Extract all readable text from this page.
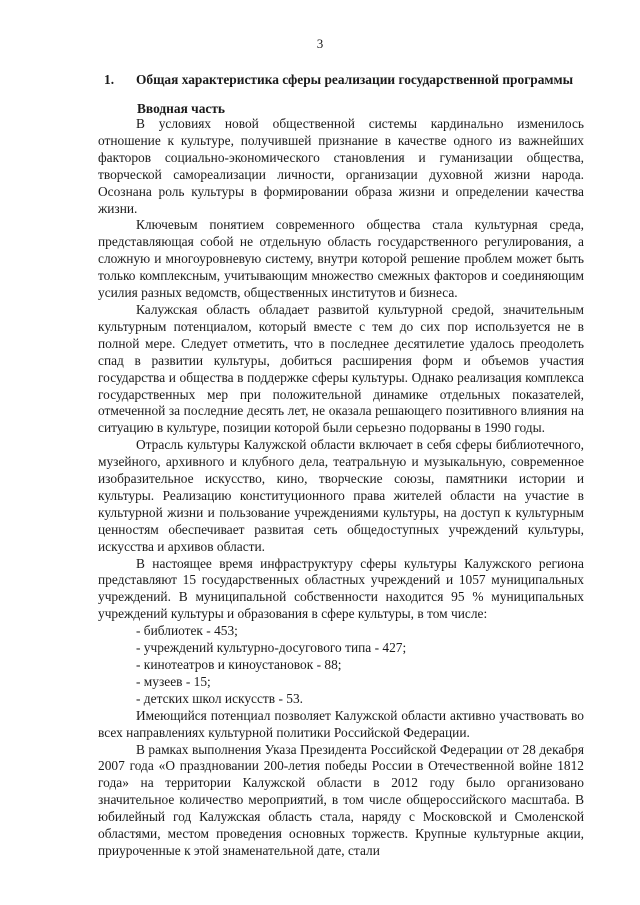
3
1. Общая характеристика сферы реализации государственной программы
Вводная часть

В условиях новой общественной системы кардинально изменилось отношение к культуре, получившей признание в качестве одного из важнейших факторов социально-экономического становления и гуманизации общества, творческой самореализации личности, организации духовной жизни народа. Осознана роль культуры в формировании образа жизни и определении качества жизни.

Ключевым понятием современного общества стала культурная среда, представляющая собой не отдельную область государственного регулирования, а сложную и многоуровневую систему, внутри которой решение проблем может быть только комплексным, учитывающим множество смежных факторов и соединяющим усилия разных ведомств, общественных институтов и бизнеса.

Калужская область обладает развитой культурной средой, значительным культурным потенциалом, который вместе с тем до сих пор используется не в полной мере. Следует отметить, что в последнее десятилетие удалось преодолеть спад в развитии культуры, добиться расширения форм и объемов участия государства и общества в поддержке сферы культуры. Однако реализация комплекса государственных мер при положительной динамике отдельных показателей, отмеченной за последние десять лет, не оказала решающего позитивного влияния на ситуацию в культуре, позиции которой были серьезно подорваны в 1990 годы.

Отрасль культуры Калужской области включает в себя сферы библиотечного, музейного, архивного и клубного дела, театральную и музыкальную, современное изобразительное искусство, кино, творческие союзы, памятники истории и культуры. Реализацию конституционного права жителей области на участие в культурной жизни и пользование учреждениями культуры, на доступ к культурным ценностям обеспечивает развитая сеть общедоступных учреждений культуры, искусства и архивов области.

В настоящее время инфраструктуру сферы культуры Калужского региона представляют 15 государственных областных учреждений и 1057 муниципальных учреждений. В муниципальной собственности находится 95 % муниципальных учреждений культуры и образования в сфере культуры, в том числе:

- библиотек - 453;

- учреждений культурно-досугового типа - 427;

- кинотеатров и киноустановок - 88;

- музеев - 15;

- детских школ искусств - 53.

Имеющийся потенциал позволяет Калужской области активно участвовать во всех направлениях культурной политики Российской Федерации.

В рамках выполнения Указа Президента Российской Федерации от 28 декабря 2007 года «О праздновании 200-летия победы России в Отечественной войне 1812 года» на территории Калужской области в 2012 году было организовано значительное количество мероприятий, в том числе общероссийского масштаба. В юбилейный год Калужская область стала, наряду с Московской и Смоленской областями, местом проведения основных торжеств. Крупные культурные акции, приуроченные к этой знаменательной дате, стали
